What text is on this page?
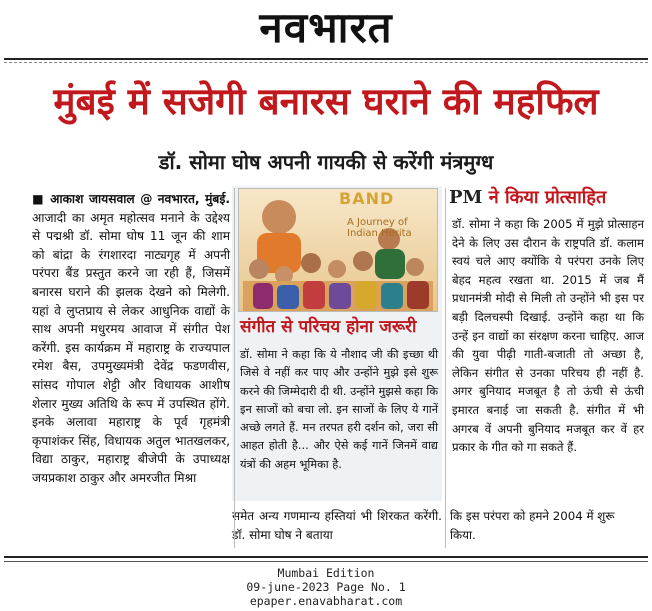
नवभारत
मुंबई में सजेगी बनारस घराने की महफिल
डॉ. सोमा घोष अपनी गायकी से करेंगी मंत्रमुग्ध
■ आकाश जायसवाल @ नवभारत, मुंबई. आजादी का अमृत महोत्सव मनाने के उद्देश्य से पद्मश्री डॉ. सोमा घोष 11 जून की शाम को बांद्रा के रंगशारदा नाट्यगृह में अपनी परंपरा बैंड प्रस्तुत करने जा रही हैं, जिसमें बनारस घराने की झलक देखने को मिलेगी. यहां वे लुप्तप्राय से लेकर आधुनिक वाद्यों के साथ अपनी मधुरमय आवाज में संगीत पेश करेंगी. इस कार्यक्रम में महाराष्ट्र के राज्यपाल रमेश बैस, उपमुख्यमंत्री देवेंद्र फडणवीस, सांसद गोपाल शेट्टी और विधायक आशीष शेलार मुख्य अतिथि के रूप में उपस्थित होंगे. इनके अलावा महाराष्ट्र के पूर्व गृहमंत्री कृपाशंकर सिंह, विधायक अतुल भातखलकर, विद्या ठाकुर, महाराष्ट्र बीजेपी के उपाध्यक्ष जयप्रकाश ठाकुर और अमरजीत मिश्रा
BAND
A Journey of Indian Herita
संगीत से परिचय होना जरूरी
डॉ. सोमा ने कहा कि ये नौशाद जी की इच्छा थी जिसे वे नहीं कर पाए और उन्होंने मुझे इसे शुरू करने की जिम्मेदारी दी थी. उन्होंने मुझसे कहा कि इन साजों को बचा लो. इन साजों के लिए ये गानें अच्छे लगते हैं. मन तरपत हरी दर्शन को, जरा सी आहत होती है... और ऐसे कई गानें जिनमें वाद्य यंत्रों की अहम भूमिका है.
PM ने किया प्रोत्साहित
डॉ. सोमा ने कहा कि 2005 में मुझे प्रोत्साहन देने के लिए उस दौरान के राष्ट्रपति डॉ. कलाम स्वयं चले आए क्योंकि ये परंपरा उनके लिए बेहद महत्व रखता था. 2015 में जब मैं प्रधानमंत्री मोदी से मिली तो उन्होंने भी इस पर बड़ी दिलचस्पी दिखाई. उन्होंने कहा था कि उन्हें इन वाद्यों का संरक्षण करना चाहिए. आज की युवा पीढ़ी गाती-बजाती तो अच्छा है, लेकिन संगीत से उनका परिचय ही नहीं है. अगर बुनियाद मजबूत है तो ऊंची से ऊंची इमारत बनाई जा सकती है. संगीत में भी अगरब वें अपनी बुनियाद मजबूत कर वें हर प्रकार के गीत को गा सकते हैं.
समेत अन्य गणमान्य हस्तियां भी शिरकत करेंगी. डॉ. सोमा घोष ने बताया
कि इस परंपरा को हमने 2004 में शुरू किया.
Mumbai Edition
09-june-2023 Page No. 1
epaper.enavabharat.com
